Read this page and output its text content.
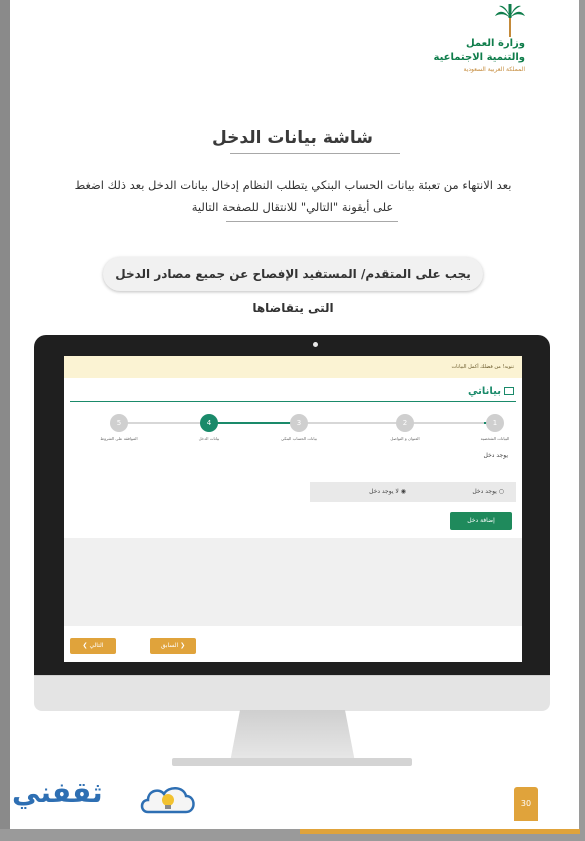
وزارة العمل
والتنمية الاجتماعية
المملكة العربية السعودية
شاشة بيانات الدخل
بعد الانتهاء من تعبئة بيانات الحساب البنكي يتطلب النظام إدخال بيانات الدخل بعد ذلك اضغط
على أيقونة "التالي" للانتقال للصفحة التالية
يجب على المتقدم/ المستفيد الإفصاح عن جميع مصادر الدخل التى يتقاضاها
تنويه! من فضلك أكمل البيانات
بياناتي
1
2
3
4
5
البيانات الشخصية
العنوان و التواصل
بيانات الحساب البنكي
بيانات الدخل
الموافقة على الشروط
يوجد دخل
○ يوجد دخل
◉ لا يوجد دخل
إضافة دخل
التالي ❯	❮ السابق
ثقفني	30
